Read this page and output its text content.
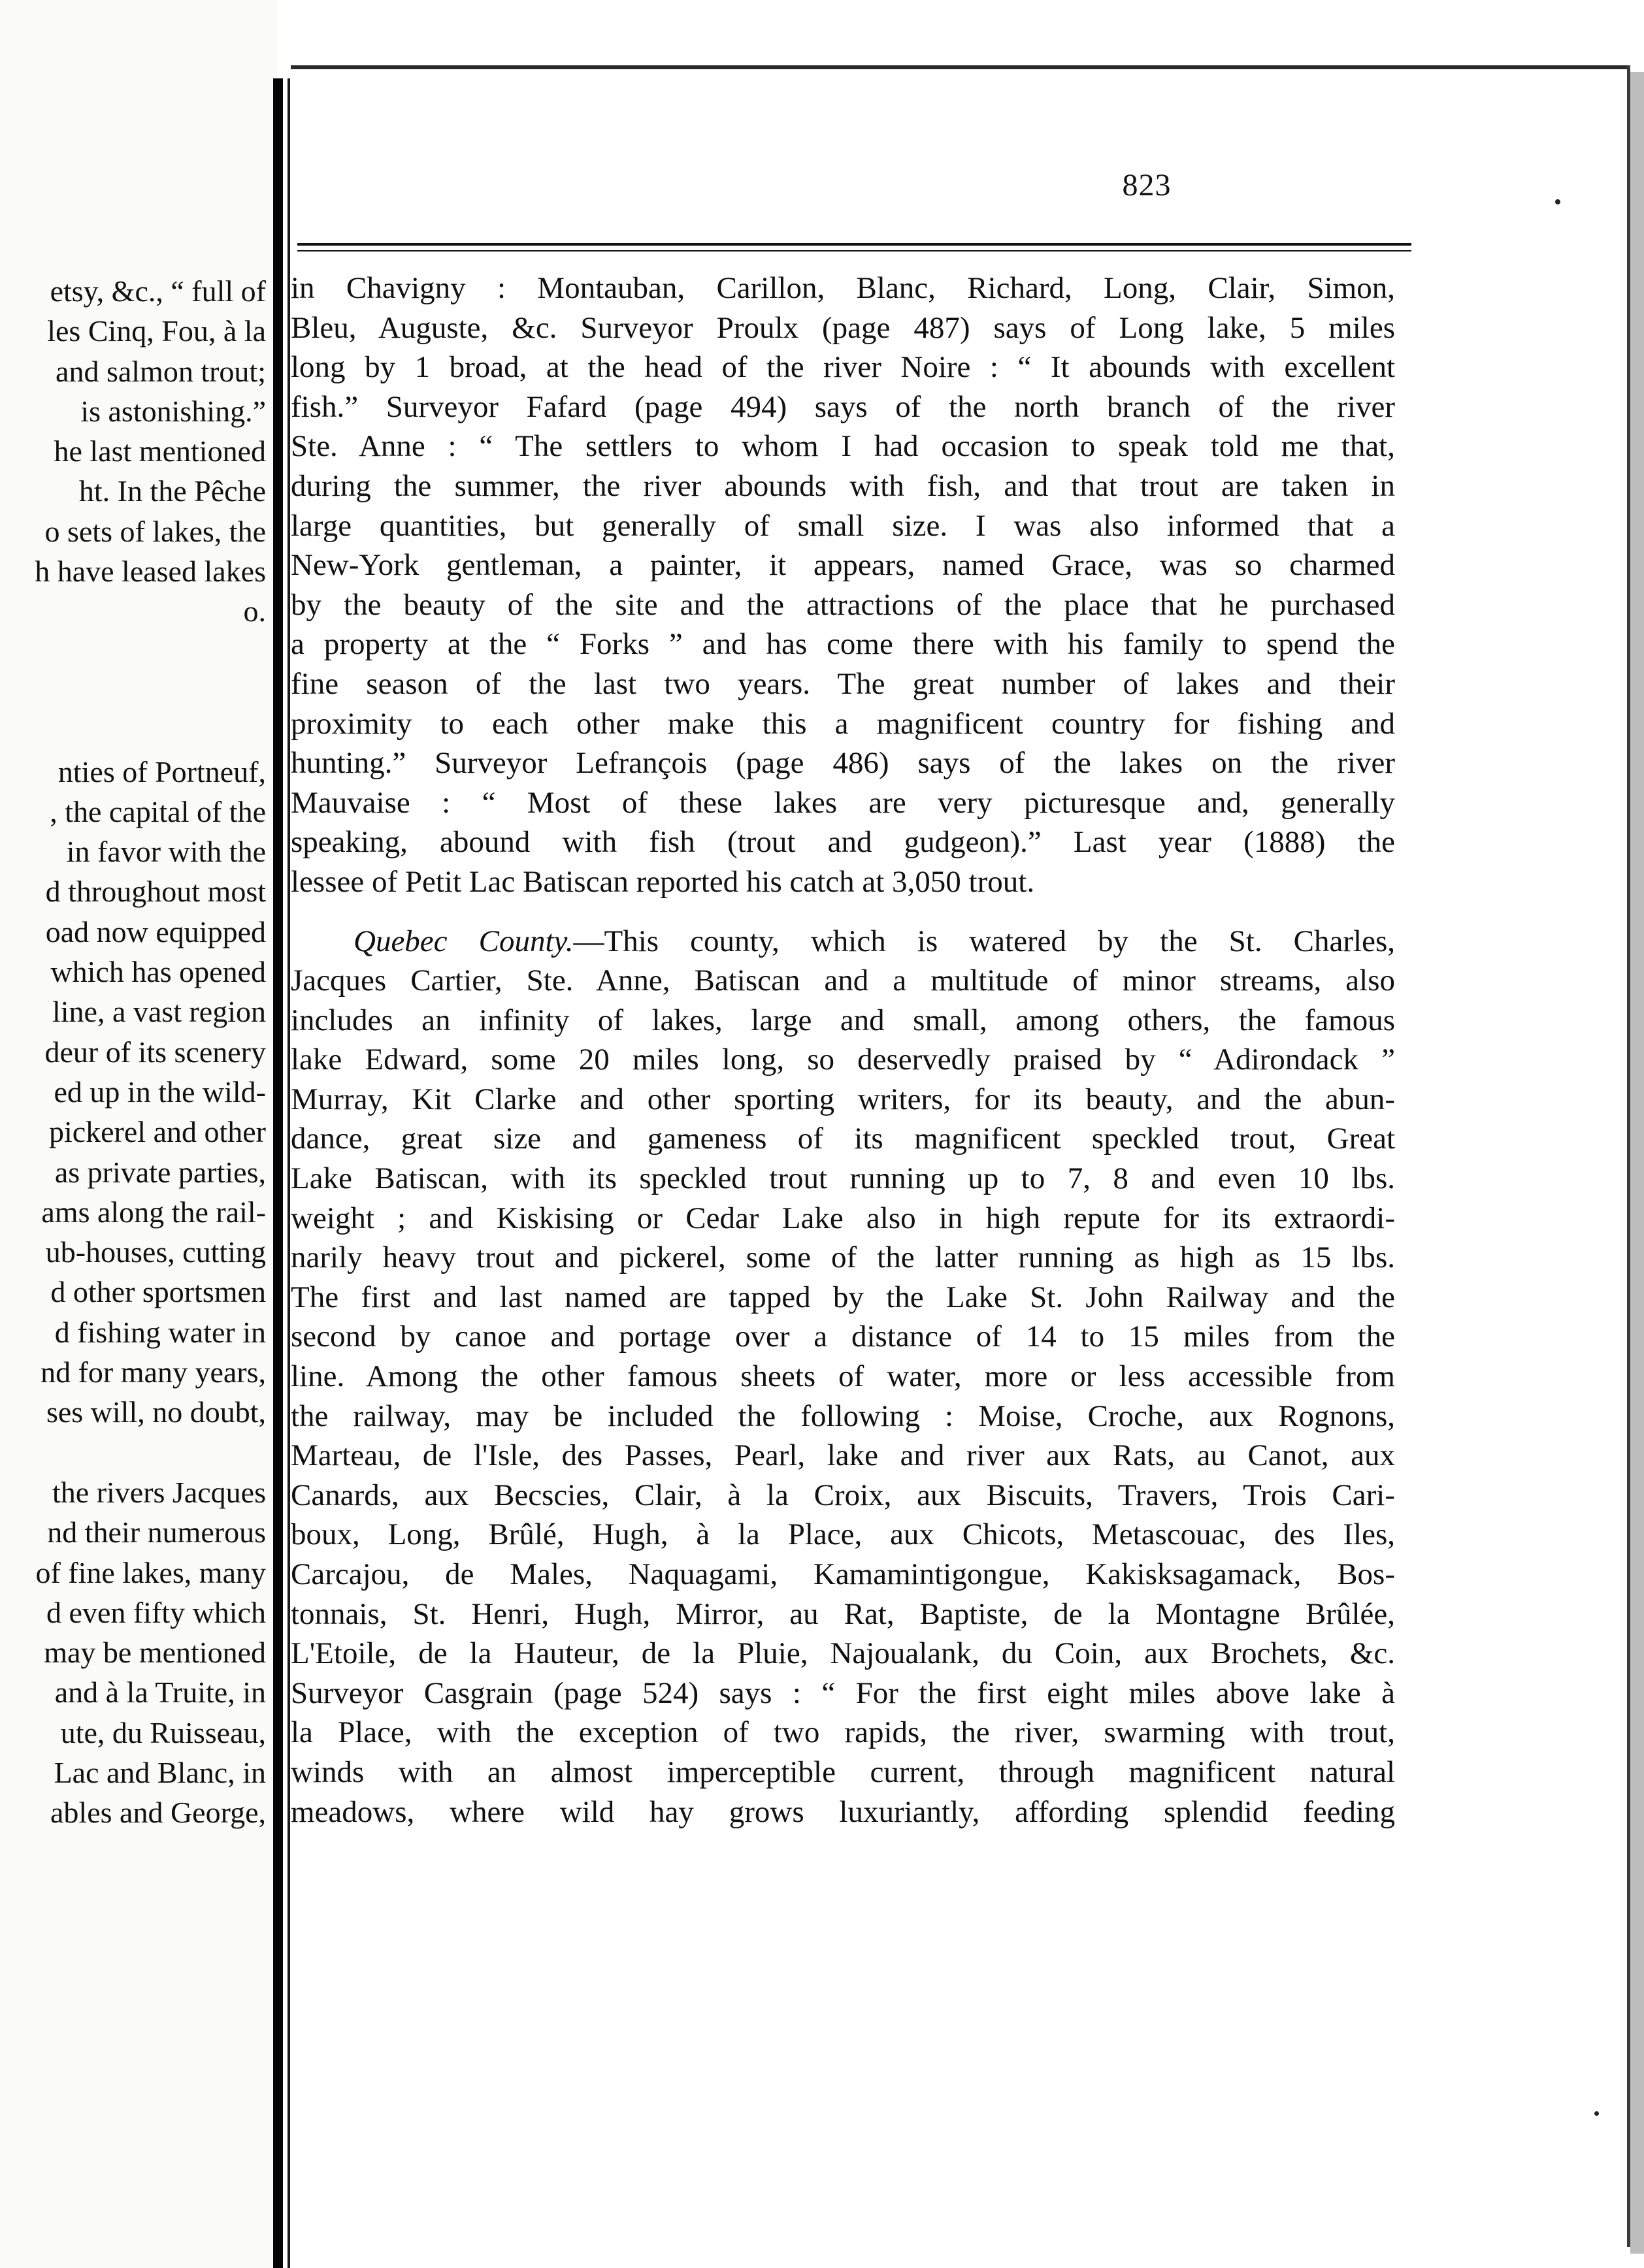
etsy, &c., “ full of
les Cinq, Fou, à la
and salmon trout;
is astonishing.”
he last mentioned
ht. In the Pêche
o sets of lakes, the
h have leased lakes
o.
nties of Portneuf,
, the capital of the
in favor with the
d throughout most
oad now equipped
which has opened
line, a vast region
deur of its scenery
ed up in the wild-
pickerel and other
as private parties,
ams along the rail-
ub-houses, cutting
d other sportsmen
d fishing water in
nd for many years,
ses will, no doubt,
the rivers Jacques
nd their numerous
of fine lakes, many
d even fifty which
may be mentioned
and à la Truite, in
ute, du Ruisseau,
Lac and Blanc, in
ables and George,
823
in Chavigny : Montauban, Carillon, Blanc, Richard, Long, Clair, Simon,
Bleu, Auguste, &c. Surveyor Proulx (page 487) says of Long lake, 5 miles
long by 1 broad, at the head of the river Noire : “ It abounds with excellent
fish.” Surveyor Fafard (page 494) says of the north branch of the river
Ste. Anne : “ The settlers to whom I had occasion to speak told me that,
during the summer, the river abounds with fish, and that trout are taken in
large quantities, but generally of small size. I was also informed that a
New-York gentleman, a painter, it appears, named Grace, was so charmed
by the beauty of the site and the attractions of the place that he purchased
a property at the “ Forks ” and has come there with his family to spend the
fine season of the last two years. The great number of lakes and their
proximity to each other make this a magnificent country for fishing and
hunting.” Surveyor Lefrançois (page 486) says of the lakes on the river
Mauvaise : “ Most of these lakes are very picturesque and, generally
speaking, abound with fish (trout and gudgeon).” Last year (1888) the
lessee of Petit Lac Batiscan reported his catch at 3,050 trout.
Quebec County.—This county, which is watered by the St. Charles,
Jacques Cartier, Ste. Anne, Batiscan and a multitude of minor streams, also
includes an infinity of lakes, large and small, among others, the famous
lake Edward, some 20 miles long, so deservedly praised by “ Adirondack ”
Murray, Kit Clarke and other sporting writers, for its beauty, and the abun-
dance, great size and gameness of its magnificent speckled trout, Great
Lake Batiscan, with its speckled trout running up to 7, 8 and even 10 lbs.
weight ; and Kiskising or Cedar Lake also in high repute for its extraordi-
narily heavy trout and pickerel, some of the latter running as high as 15 lbs.
The first and last named are tapped by the Lake St. John Railway and the
second by canoe and portage over a distance of 14 to 15 miles from the
line. Among the other famous sheets of water, more or less accessible from
the railway, may be included the following : Moise, Croche, aux Rognons,
Marteau, de l'Isle, des Passes, Pearl, lake and river aux Rats, au Canot, aux
Canards, aux Becscies, Clair, à la Croix, aux Biscuits, Travers, Trois Cari-
boux, Long, Brûlé, Hugh, à la Place, aux Chicots, Metascouac, des Iles,
Carcajou, de Males, Naquagami, Kamamintigongue, Kakisksagamack, Bos-
tonnais, St. Henri, Hugh, Mirror, au Rat, Baptiste, de la Montagne Brûlée,
L'Etoile, de la Hauteur, de la Pluie, Najoualank, du Coin, aux Brochets, &c.
Surveyor Casgrain (page 524) says : “ For the first eight miles above lake à
la Place, with the exception of two rapids, the river, swarming with trout,
winds with an almost imperceptible current, through magnificent natural
meadows, where wild hay grows luxuriantly, affording splendid feeding
